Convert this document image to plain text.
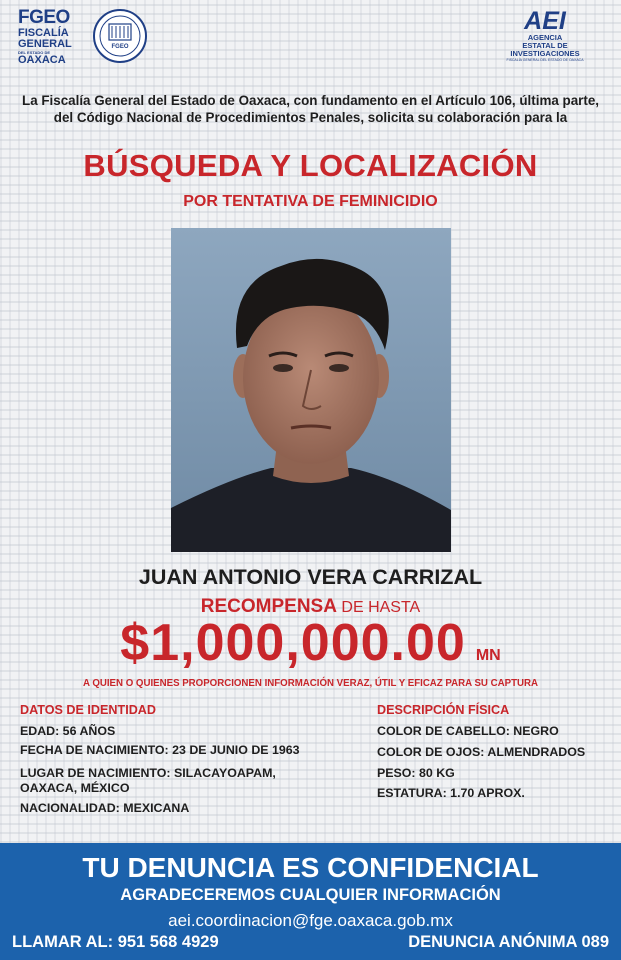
FGEO
FISCALÍA
GENERAL
DEL ESTADO DE
OAXACA
FGEO
AEI
AGENCIA
ESTATAL DE
INVESTIGACIONES
FISCALÍA GENERAL DEL ESTADO DE OAXACA
La Fiscalía General del Estado de Oaxaca, con fundamento en el Artículo 106, última parte, del Código Nacional de Procedimientos Penales, solicita su colaboración para la
BÚSQUEDA Y LOCALIZACIÓN
POR TENTATIVA DE FEMINICIDIO
JUAN ANTONIO VERA CARRIZAL
RECOMPENSA DE HASTA
$1,000,000.00 MN
A QUIEN O QUIENES PROPORCIONEN INFORMACIÓN VERAZ, ÚTIL Y EFICAZ PARA SU CAPTURA
DATOS DE IDENTIDAD
EDAD: 56 AÑOS
FECHA DE NACIMIENTO: 23 DE JUNIO DE 1963
LUGAR DE NACIMIENTO: SILACAYOAPAM,
OAXACA, MÉXICO
NACIONALIDAD: MEXICANA
DESCRIPCIÓN FÍSICA
COLOR DE CABELLO: NEGRO
COLOR DE OJOS: ALMENDRADOS
PESO: 80 KG
ESTATURA: 1.70 APROX.
TU DENUNCIA ES CONFIDENCIAL
AGRADECEREMOS CUALQUIER INFORMACIÓN
aei.coordinacion@fge.oaxaca.gob.mx
LLAMAR AL: 951 568 4929	DENUNCIA ANÓNIMA 089
